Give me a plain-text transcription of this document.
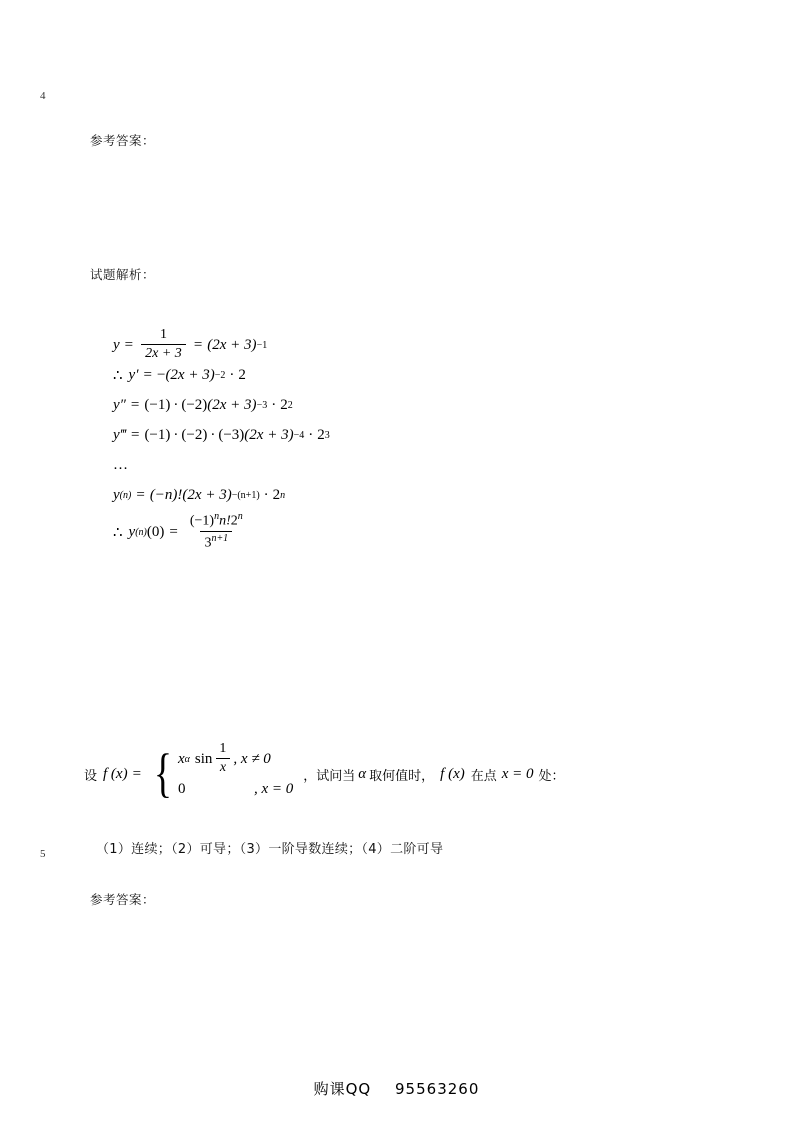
4
参考答案：
试题解析：
$y = \frac{1}{2x + 3} = (2x + 3) -1$
∴ y′ = − (2x + 3) −2 · 2
y″ = (−1) · (−2) (2x + 3) −3 · 2 2
y‴ = (−1) · (−2) · (−3) (2x + 3) −4 · 2 3
…
y (n) = (−n)! (2x + 3) −(n+1) · 2 n
∴ y (n) $(0) = \frac{(-1)^nn!2^n}{3^{n+1}}$
设 f (x) = { x α $\sin \frac{1}{x}$ , x ≠ 0
0	, x = 0
，试问当 α 取何值时， f (x) 在点 x = 0 处：
（1）连续；（2）可导；（3）一阶导数连续；（4）二阶可导
5
参考答案：
购课QQ 95563260
